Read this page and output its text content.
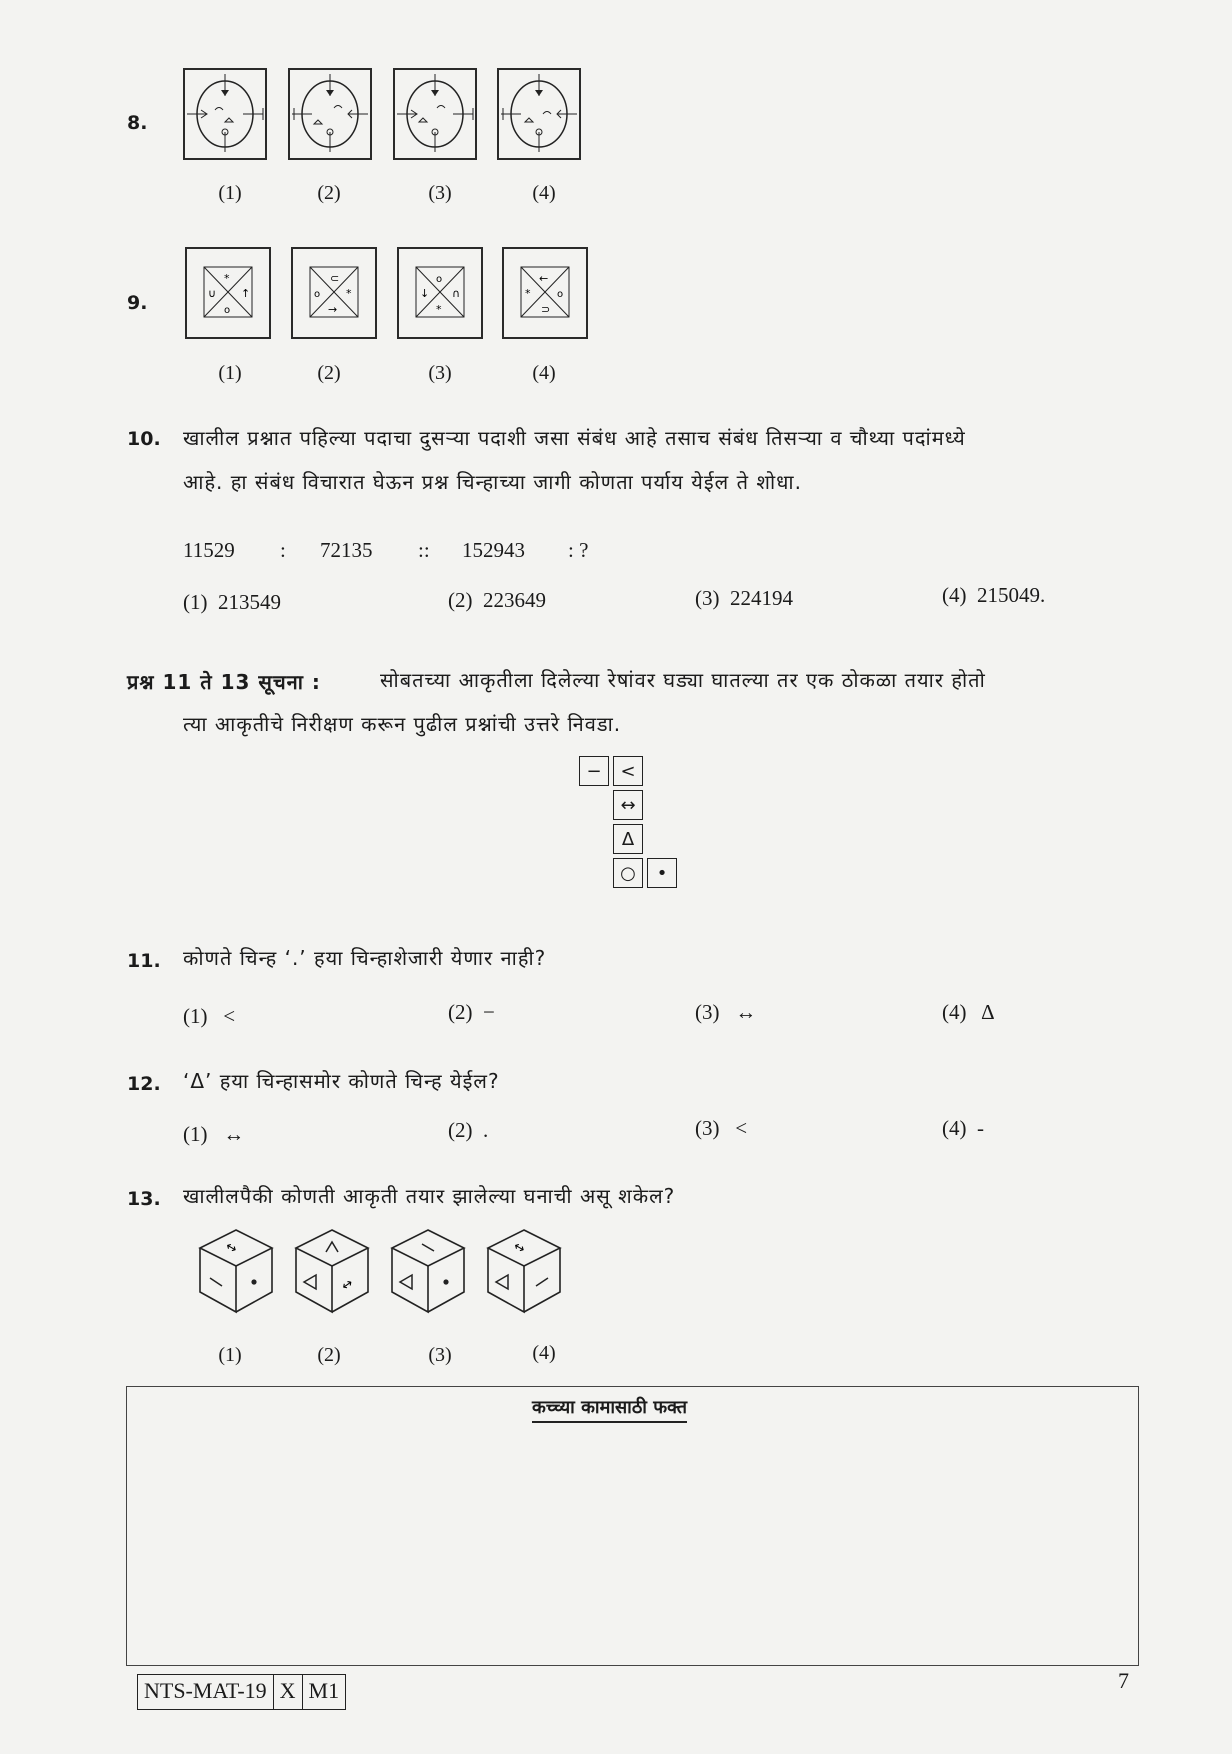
8.
(1)	(2)	(3)	(4)
9.
*
∪ ↑
o
⊂
o *
→
o
↓ ∩
*
←
*	o
⊃
(1)	(2)	(3)	(4)
10. खालील प्रश्नात पहिल्या पदाचा दुसऱ्या पदाशी जसा संबंध आहे तसाच संबंध तिसऱ्या व चौथ्या पदांमध्ये
आहे. हा संबंध विचारात घेऊन प्रश्न चिन्हाच्या जागी कोणता पर्याय येईल ते शोधा.
11529 : 72135 :: 152943 : ?
(1)  213549	(2)  223649	(3)  224194	(4)  215049.
प्रश्न 11 ते 13 सूचना :	सोबतच्या आकृतीला दिलेल्या रेषांवर घड्या घातल्या तर एक ठोकळा तयार होतो
त्या आकृतीचे निरीक्षण करून पुढील प्रश्नांची उत्तरे निवडा.
−	<
↔
Δ
○	•
11. कोणते चिन्ह ‘.’ हया चिन्हाशेजारी येणार नाही?
(1)   <	(2)  −	(3)   ↔	(4)   Δ
12. ‘Δ’ हया चिन्हासमोर कोणते चिन्ह येईल?
(1)   ↔	(2)  .	(3)   <	(4)  -
13. खालीलपैकी कोणती आकृती तयार झालेल्या घनाची असू शकेल?
↔
↔
↔
(1)	(2)	(3)	(4)
कच्च्या कामासाठी फक्त
NTS-MAT-19 X M1	7
